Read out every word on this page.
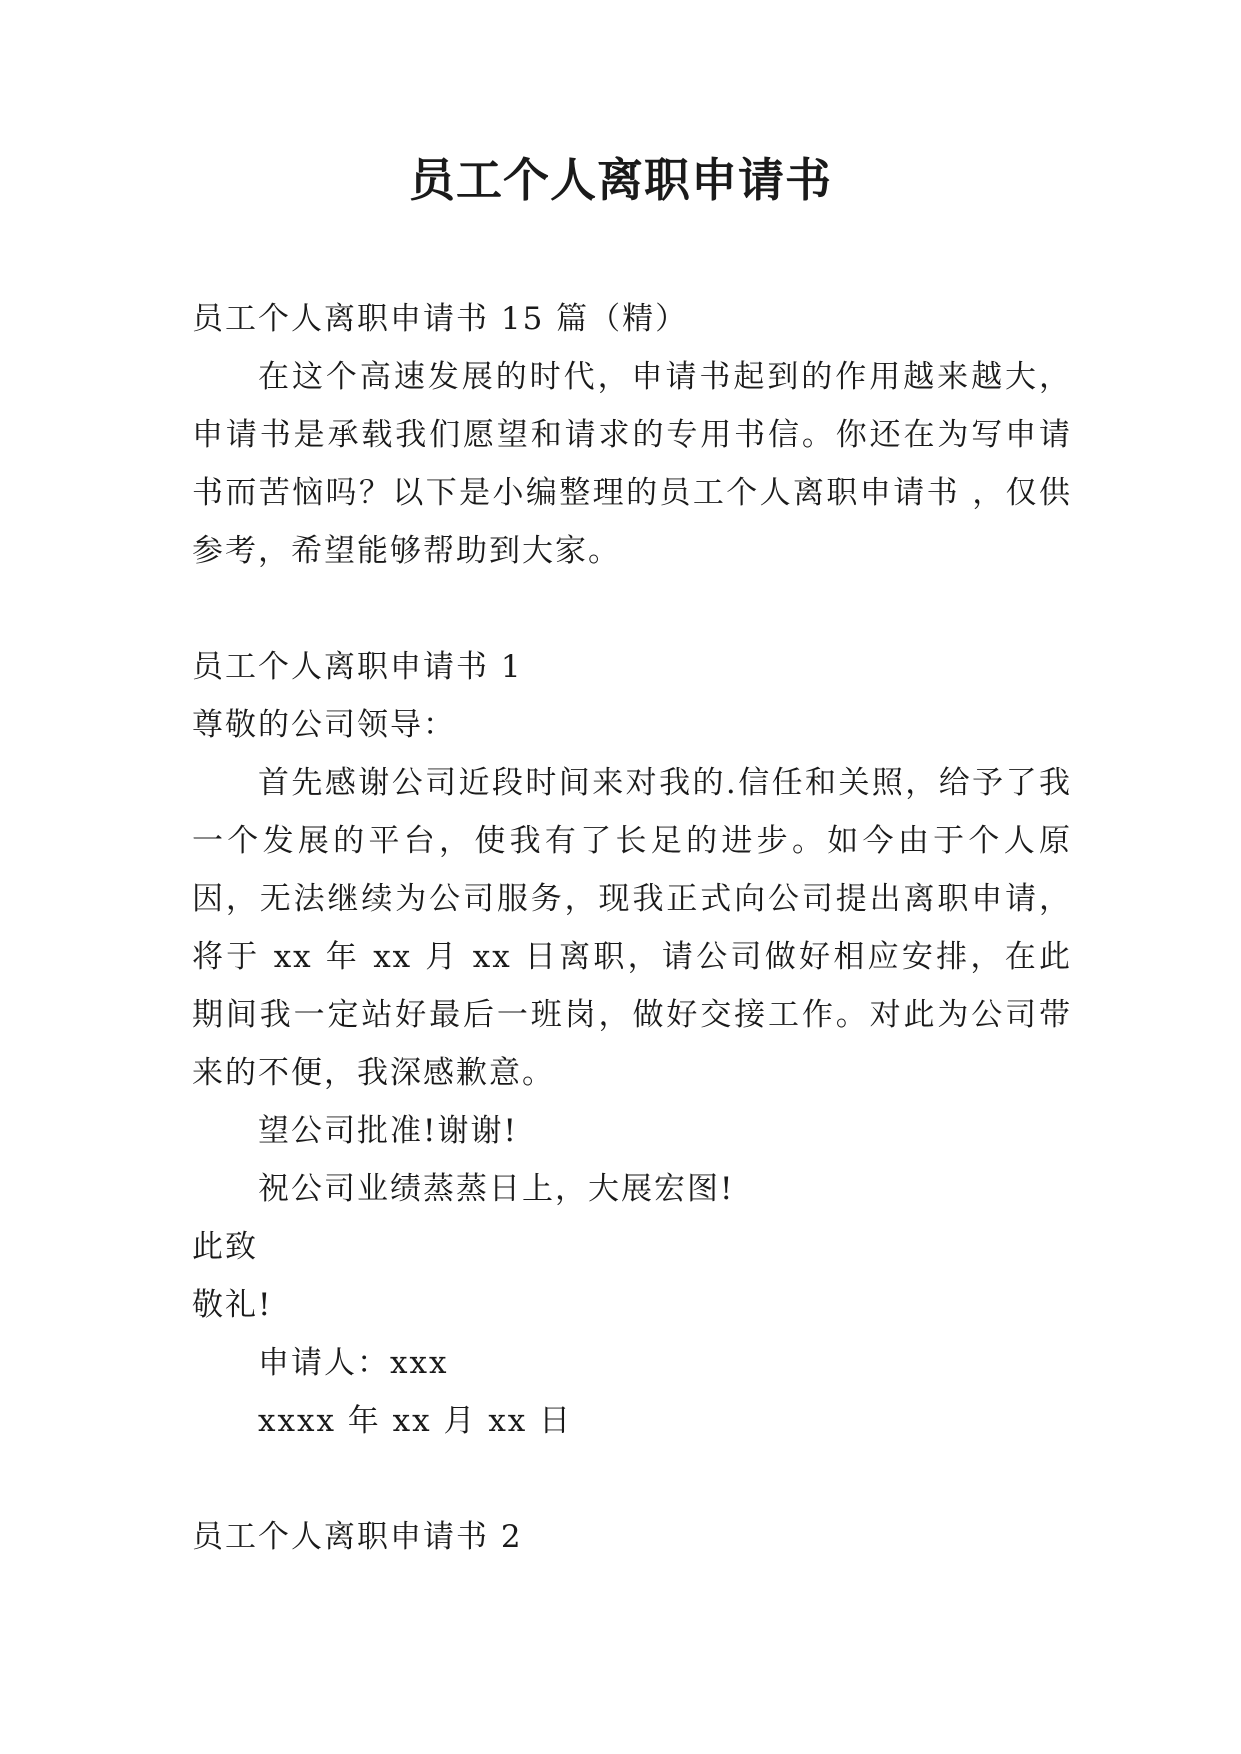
员工个人离职申请书
员工个人离职申请书 15 篇（精）
在这个高速发展的时代，申请书起到的作用越来越大，申请书是承载我们愿望和请求的专用书信。你还在为写申请书而苦恼吗？以下是小编整理的员工个人离职申请书 ，仅供参考，希望能够帮助到大家。
员工个人离职申请书 1
尊敬的公司领导：
首先感谢公司近段时间来对我的.信任和关照，给予了我一个发展的平台，使我有了长足的进步。如今由于个人原因，无法继续为公司服务，现我正式向公司提出离职申请，将于 xx 年 xx 月 xx 日离职，请公司做好相应安排，在此期间我一定站好最后一班岗，做好交接工作。对此为公司带来的不便，我深感歉意。
望公司批准!谢谢!
祝公司业绩蒸蒸日上，大展宏图!
此致
敬礼!
申请人：xxx
xxxx 年 xx 月 xx 日
员工个人离职申请书 2
